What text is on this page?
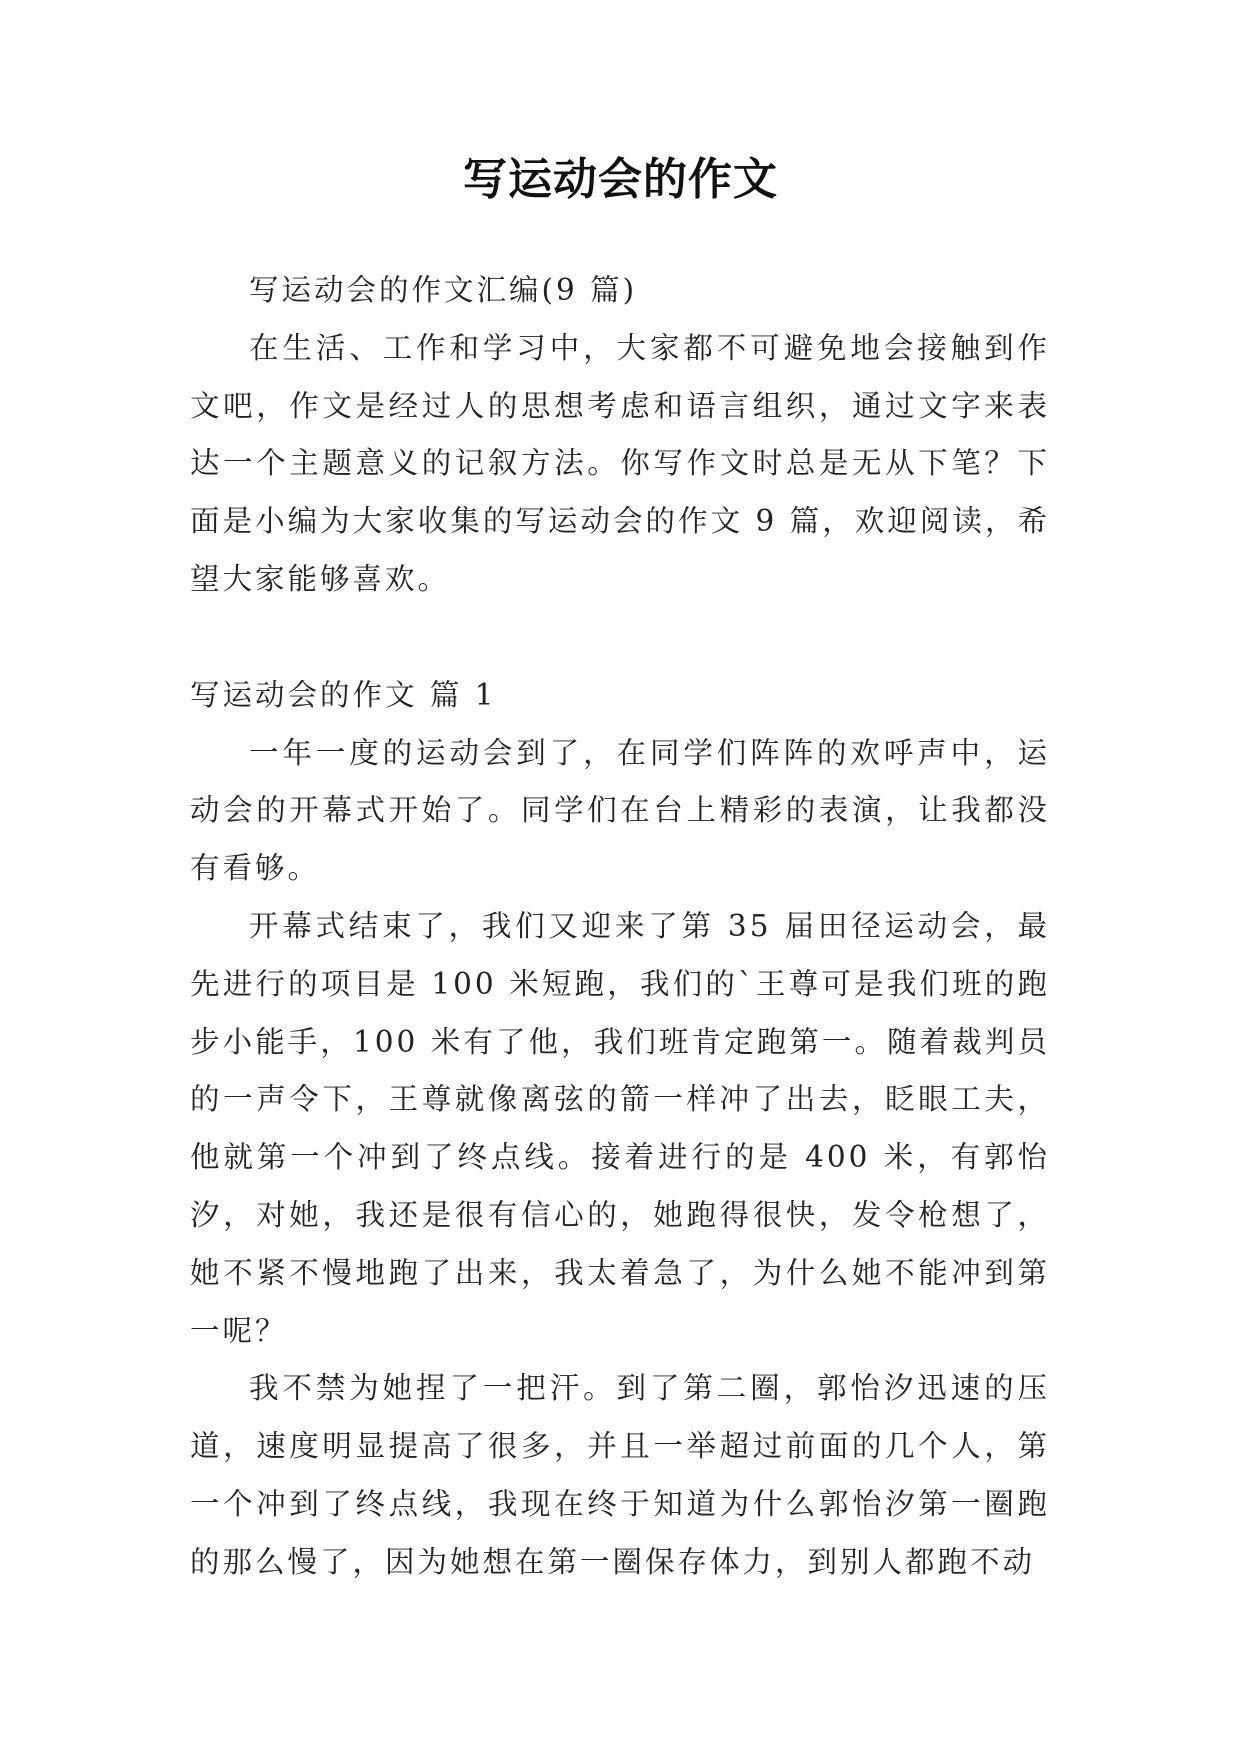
写运动会的作文

写运动会的作文汇编(9 篇)

在生活、工作和学习中，大家都不可避免地会接触到作文吧，作文是经过人的思想考虑和语言组织，通过文字来表达一个主题意义的记叙方法。你写作文时总是无从下笔？下面是小编为大家收集的写运动会的作文 9 篇，欢迎阅读，希望大家能够喜欢。

写运动会的作文 篇 1

一年一度的运动会到了，在同学们阵阵的欢呼声中，运动会的开幕式开始了。同学们在台上精彩的表演，让我都没有看够。

开幕式结束了，我们又迎来了第 35 届田径运动会，最先进行的项目是 100 米短跑，我们的`王尊可是我们班的跑步小能手，100 米有了他，我们班肯定跑第一。随着裁判员的一声令下，王尊就像离弦的箭一样冲了出去，眨眼工夫，他就第一个冲到了终点线。接着进行的是 400 米，有郭怡汐，对她，我还是很有信心的，她跑得很快，发令枪想了，她不紧不慢地跑了出来，我太着急了，为什么她不能冲到第一呢？

我不禁为她捏了一把汗。到了第二圈，郭怡汐迅速的压道，速度明显提高了很多，并且一举超过前面的几个人，第一个冲到了终点线，我现在终于知道为什么郭怡汐第一圈跑的那么慢了，因为她想在第一圈保存体力，到别人都跑不动
